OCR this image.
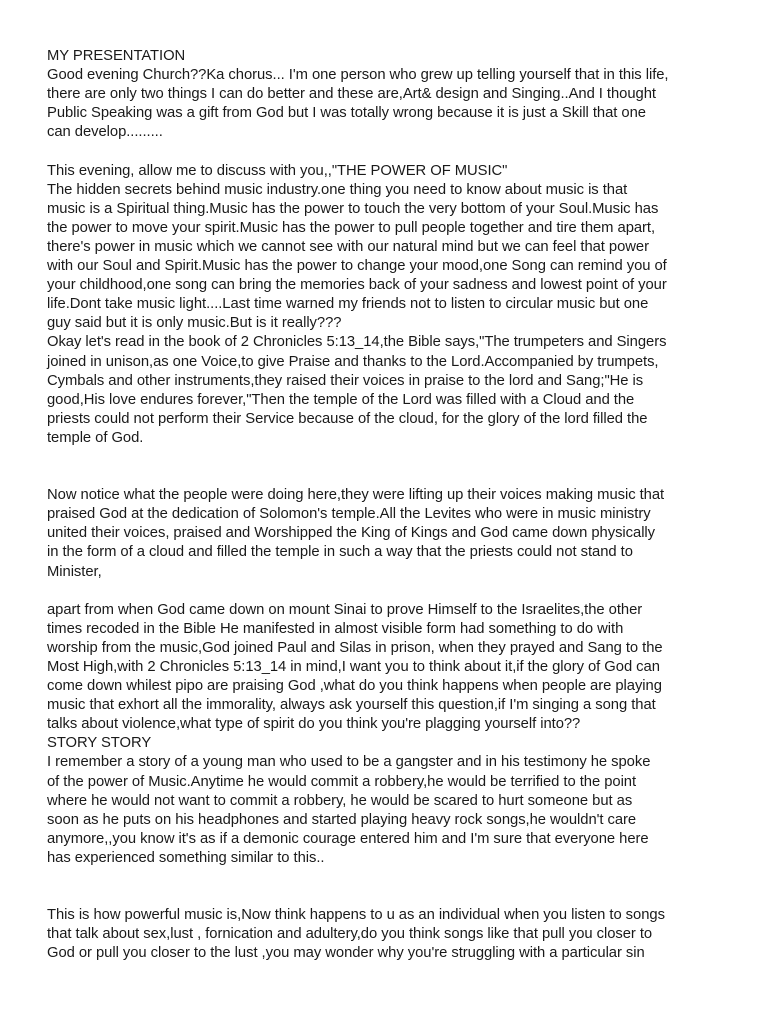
MY PRESENTATION
Good evening Church??Ka chorus... I'm one person who grew up telling yourself that in this life,
there are only two things I can do better and these are,Art& design and Singing..And I thought
Public Speaking was a gift from God but I was totally wrong because it is just a Skill that one
can develop.........
This evening, allow me to discuss with you,,"THE POWER OF MUSIC"
The hidden secrets behind music industry.one thing you need to know about music is that
music is a Spiritual thing.Music has the power to touch the very bottom of your Soul.Music has
the power to move your spirit.Music has the power to pull people together and tire them apart,
there's power in music which we cannot see with our natural mind but we can feel that power
with our Soul and Spirit.Music has the power to change your mood,one Song can remind you of
your childhood,one song can bring the memories back of your sadness and lowest point of your
life.Dont take music light....Last time warned my friends not to listen to circular music but one
guy said but it is only music.But is it really???
Okay let's read in the book of 2 Chronicles 5:13_14,the Bible says,"The trumpeters and Singers
joined in unison,as one Voice,to give Praise and thanks to the Lord.Accompanied by trumpets,
Cymbals and other instruments,they raised their voices in praise to the lord and Sang;"He is
good,His love endures forever,"Then the temple of the Lord was filled with a Cloud and the
priests could not perform their Service because of the cloud, for the glory of the lord filled the
temple of God.
Now notice what the people were doing here,they were lifting up their voices making music that
praised God at the dedication of Solomon's temple.All the Levites who were in music ministry
united their voices, praised and Worshipped the King of Kings and God came down physically
in the form of a cloud and filled the temple in such a way that the priests could not stand to
Minister,
apart from when God came down on mount Sinai to prove Himself to the Israelites,the other
times recoded in the Bible He manifested in almost visible form had something to do with
worship from the music,God joined Paul and Silas in prison, when they prayed and Sang to the
Most High,with 2 Chronicles 5:13_14 in mind,I want you to think about it,if the glory of God can
come down whilest pipo are praising God ,what do you think happens when people are playing
music that exhort all the immorality, always ask yourself this question,if I'm singing a song that
talks about violence,what type of spirit do you think you're plagging yourself into??
STORY STORY
I remember a story of a young man who used to be a gangster and in his testimony he spoke
of the power of Music.Anytime he would commit a robbery,he would be terrified to the point
where he would not want to commit a robbery, he would be scared to hurt someone but as
soon as he puts on his headphones and started playing heavy rock songs,he wouldn't care
anymore,,you know it's as if a demonic courage entered him and I'm sure that everyone here
has experienced something similar to this..
This is how powerful music is,Now think happens to u as an individual when you listen to songs
that talk about sex,lust , fornication and adultery,do you think songs like that pull you closer to
God or pull you closer to the lust ,you may wonder why you're struggling with a particular sin
